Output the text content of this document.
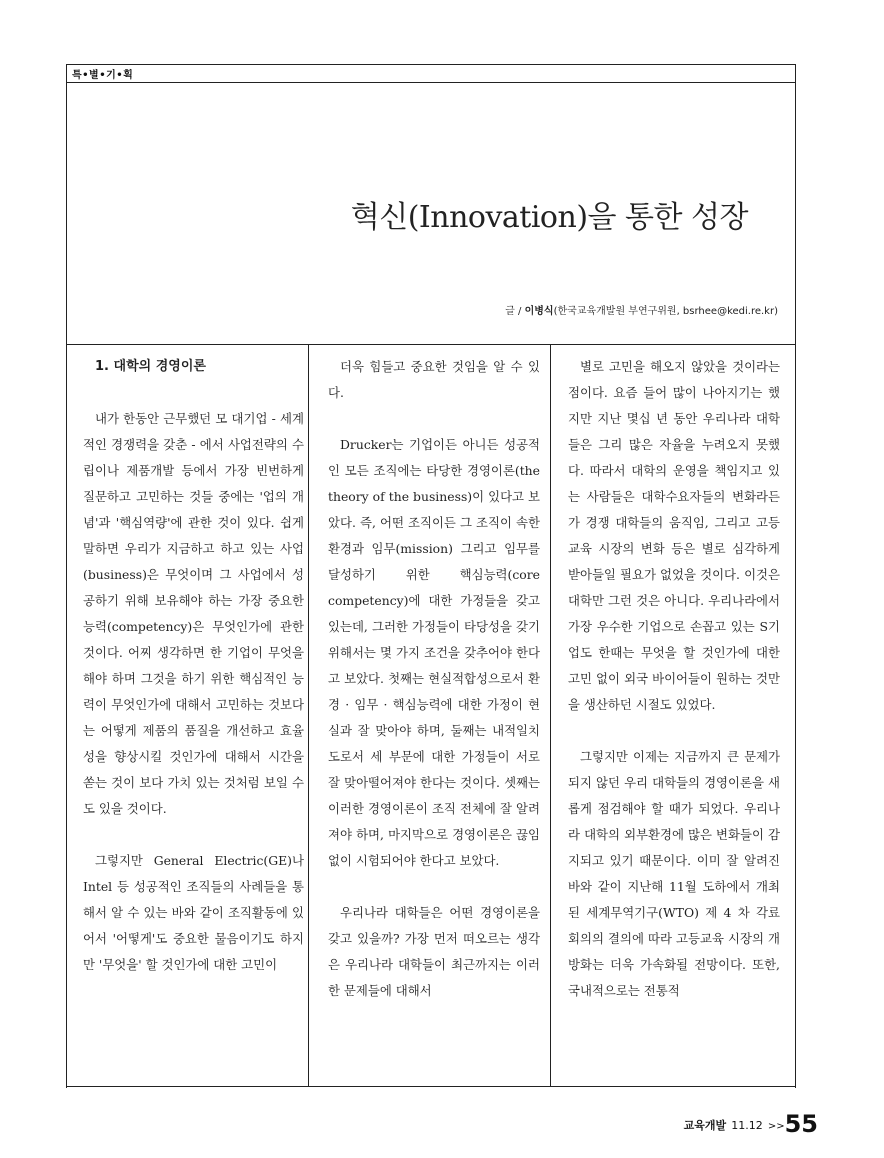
특•별•기•획
혁신(Innovation)을 통한 성장
글 / 이병식(한국교육개발원 부연구위원, bsrhee@kedi.re.kr)
1. 대학의 경영이론

내가 한동안 근무했던 모 대기업 - 세계적인 경쟁력을 갖춘 - 에서 사업전략의 수립이나 제품개발 등에서 가장 빈번하게 질문하고 고민하는 것들 중에는 '업의 개념'과 '핵심역량'에 관한 것이 있다. 쉽게 말하면 우리가 지금하고 하고 있는 사업(business)은 무엇이며 그 사업에서 성공하기 위해 보유해야 하는 가장 중요한 능력(competency)은 무엇인가에 관한 것이다. 어찌 생각하면 한 기업이 무엇을 해야 하며 그것을 하기 위한 핵심적인 능력이 무엇인가에 대해서 고민하는 것보다는 어떻게 제품의 품질을 개선하고 효율성을 향상시킬 것인가에 대해서 시간을 쏟는 것이 보다 가치 있는 것처럼 보일 수도 있을 것이다.

그렇지만 General Electric(GE)나 Intel 등 성공적인 조직들의 사례들을 통해서 알 수 있는 바와 같이 조직활동에 있어서 '어떻게'도 중요한 물음이기도 하지만 '무엇을' 할 것인가에 대한 고민이

더욱 힘들고 중요한 것임을 알 수 있다.

Drucker는 기업이든 아니든 성공적인 모든 조직에는 타당한 경영이론(the theory of the business)이 있다고 보았다. 즉, 어떤 조직이든 그 조직이 속한 환경과 임무(mission) 그리고 임무를 달성하기 위한 핵심능력(core competency)에 대한 가정들을 갖고 있는데, 그러한 가정들이 타당성을 갖기 위해서는 몇 가지 조건을 갖추어야 한다고 보았다. 첫째는 현실적합성으로서 환경 · 임무 · 핵심능력에 대한 가정이 현실과 잘 맞아야 하며, 둘째는 내적일치도로서 세 부문에 대한 가정들이 서로 잘 맞아떨어져야 한다는 것이다. 셋째는 이러한 경영이론이 조직 전체에 잘 알려져야 하며, 마지막으로 경영이론은 끊임없이 시험되어야 한다고 보았다.

우리나라 대학들은 어떤 경영이론을 갖고 있을까? 가장 먼저 떠오르는 생각은 우리나라 대학들이 최근까지는 이러한 문제들에 대해서

별로 고민을 해오지 않았을 것이라는 점이다. 요즘 들어 많이 나아지기는 했지만 지난 몇십 년 동안 우리나라 대학들은 그리 많은 자율을 누려오지 못했다. 따라서 대학의 운영을 책임지고 있는 사람들은 대학수요자들의 변화라든가 경쟁 대학들의 움직임, 그리고 고등교육 시장의 변화 등은 별로 심각하게 받아들일 필요가 없었을 것이다. 이것은 대학만 그런 것은 아니다. 우리나라에서 가장 우수한 기업으로 손꼽고 있는 S기업도 한때는 무엇을 할 것인가에 대한 고민 없이 외국 바이어들이 원하는 것만을 생산하던 시절도 있었다.

그렇지만 이제는 지금까지 큰 문제가 되지 않던 우리 대학들의 경영이론을 새롭게 점검해야 할 때가 되었다. 우리나라 대학의 외부환경에 많은 변화들이 감지되고 있기 때문이다. 이미 잘 알려진 바와 같이 지난해 11월 도하에서 개최된 세계무역기구(WTO) 제 4 차 각료회의의 결의에 따라 고등교육 시장의 개방화는 더욱 가속화될 전망이다. 또한, 국내적으로는 전통적

교육개발 11.12 >>55
